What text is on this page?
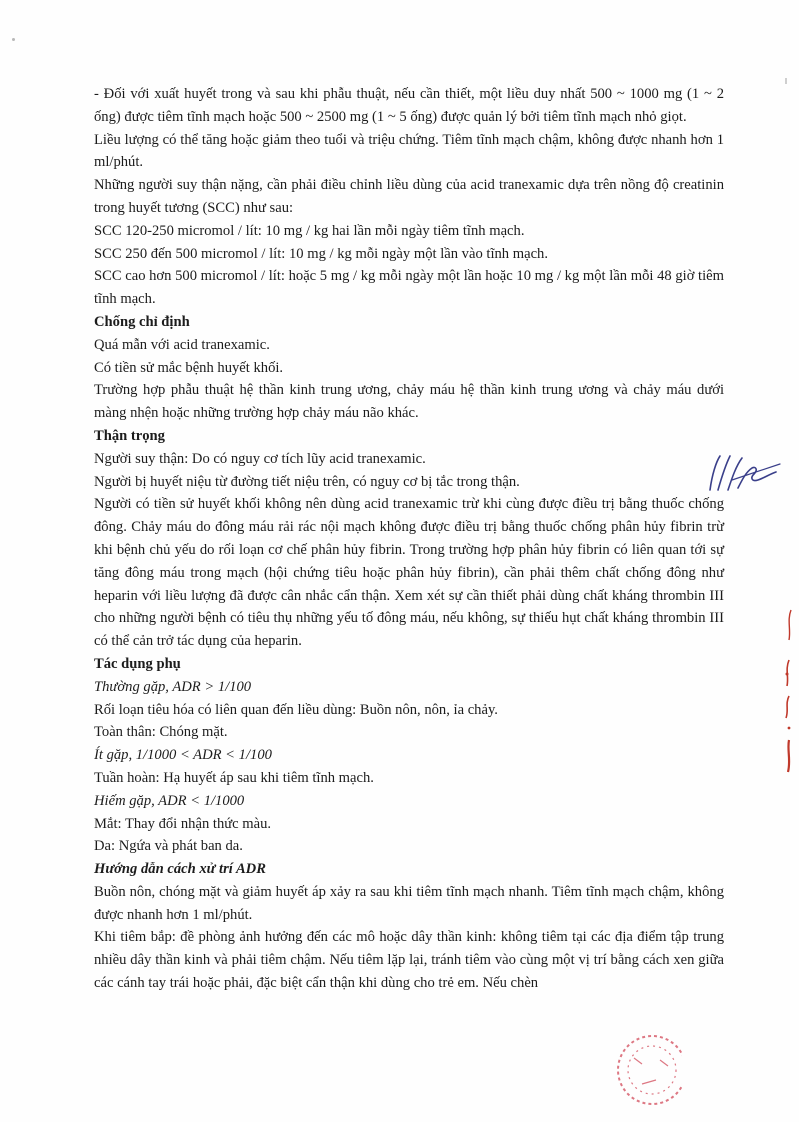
- Đối với xuất huyết trong và sau khi phẫu thuật, nếu cần thiết, một liều duy nhất 500 ~ 1000 mg (1 ~ 2 ống) được tiêm tĩnh mạch hoặc 500 ~ 2500 mg (1 ~ 5 ống) được quản lý bởi tiêm tĩnh mạch nhỏ giọt.

Liều lượng có thể tăng hoặc giảm theo tuổi và triệu chứng. Tiêm tĩnh mạch chậm, không được nhanh hơn 1 ml/phút.

Những người suy thận nặng, cần phải điều chỉnh liều dùng của acid tranexamic dựa trên nồng độ creatinin trong huyết tương (SCC) như sau:

SCC 120-250 micromol / lít: 10 mg / kg hai lần mỗi ngày tiêm tĩnh mạch.

SCC 250 đến 500 micromol / lít: 10 mg / kg mỗi ngày một lần vào tĩnh mạch.

SCC cao hơn 500 micromol / lít: hoặc 5 mg / kg mỗi ngày một lần hoặc 10 mg / kg một lần mỗi 48 giờ tiêm tĩnh mạch.

Chống chỉ định

Quá mẫn với acid tranexamic.

Có tiền sử mắc bệnh huyết khối.

Trường hợp phẫu thuật hệ thần kinh trung ương, chảy máu hệ thần kinh trung ương và chảy máu dưới màng nhện hoặc những trường hợp chảy máu não khác.

Thận trọng

Người suy thận: Do có nguy cơ tích lũy acid tranexamic.

Người bị huyết niệu từ đường tiết niệu trên, có nguy cơ bị tắc trong thận.

Người có tiền sử huyết khối không nên dùng acid tranexamic trừ khi cùng được điều trị bằng thuốc chống đông. Chảy máu do đông máu rải rác nội mạch không được điều trị bằng thuốc chống phân hủy fibrin trừ khi bệnh chủ yếu do rối loạn cơ chế phân hủy fibrin. Trong trường hợp phân hủy fibrin có liên quan tới sự tăng đông máu trong mạch (hội chứng tiêu hoặc phân hủy fibrin), cần phải thêm chất chống đông như heparin với liều lượng đã được cân nhắc cẩn thận. Xem xét sự cần thiết phải dùng chất kháng thrombin III cho những người bệnh có tiêu thụ những yếu tố đông máu, nếu không, sự thiếu hụt chất kháng thrombin III có thể cản trở tác dụng của heparin.

Tác dụng phụ

Thường gặp, ADR > 1/100

Rối loạn tiêu hóa có liên quan đến liều dùng: Buồn nôn, nôn, ỉa chảy.

Toàn thân: Chóng mặt.

Ít gặp, 1/1000 < ADR < 1/100

Tuần hoàn: Hạ huyết áp sau khi tiêm tĩnh mạch.

Hiếm gặp, ADR < 1/1000

Mắt: Thay đổi nhận thức màu.

Da: Ngứa và phát ban da.

Hướng dẫn cách xử trí ADR

Buồn nôn, chóng mặt và giảm huyết áp xảy ra sau khi tiêm tĩnh mạch nhanh. Tiêm tĩnh mạch chậm, không được nhanh hơn 1 ml/phút.

Khi tiêm bắp: đề phòng ảnh hưởng đến các mô hoặc dây thần kinh: không tiêm tại các địa điểm tập trung nhiều dây thần kinh và phải tiêm chậm. Nếu tiêm lặp lại, tránh tiêm vào cùng một vị trí bằng cách xen giữa các cánh tay trái hoặc phải, đặc biệt cẩn thận khi dùng cho trẻ em. Nếu chèn
